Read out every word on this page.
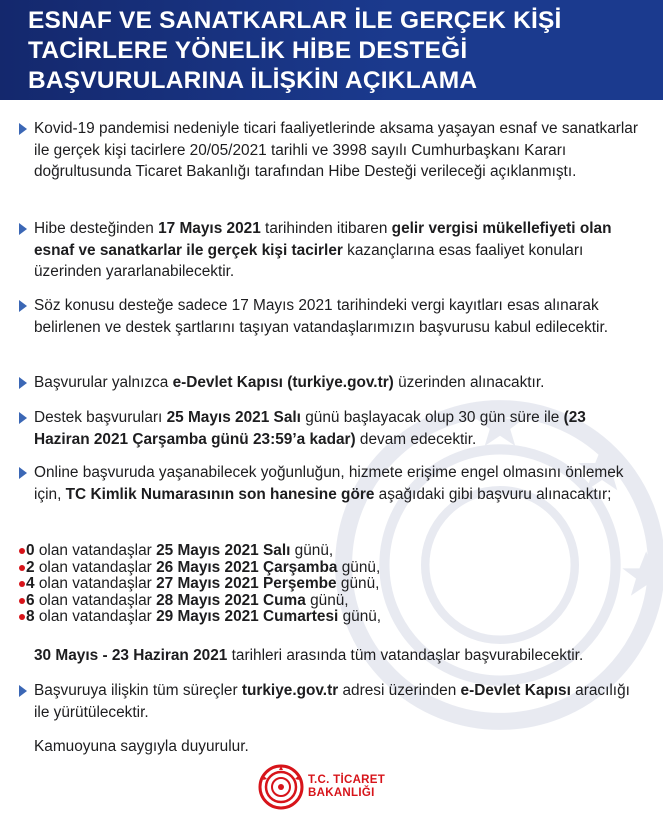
ESNAF VE SANATKARLAR İLE GERÇEK KİŞİ TACİRLERE YÖNELİK HİBE DESTEĞİ BAŞVURULARINA İLİŞKİN AÇIKLAMA
Kovid-19 pandemisi nedeniyle ticari faaliyetlerinde aksama yaşayan esnaf ve sanatkarlar ile gerçek kişi tacirlere 20/05/2021 tarihli ve 3998 sayılı Cumhurbaşkanı Kararı doğrultusunda Ticaret Bakanlığı tarafından Hibe Desteği verileceği açıklanmıştı.
Hibe desteğinden 17 Mayıs 2021 tarihinden itibaren gelir vergisi mükellefiyeti olan esnaf ve sanatkarlar ile gerçek kişi tacirler kazançlarına esas faaliyet konuları üzerinden yararlanabilecektir.
Söz konusu desteğe sadece 17 Mayıs 2021 tarihindeki vergi kayıtları esas alınarak belirlenen ve destek şartlarını taşıyan vatandaşlarımızın başvurusu kabul edilecektir.
Başvurular yalnızca e-Devlet Kapısı (turkiye.gov.tr) üzerinden alınacaktır.
Destek başvuruları 25 Mayıs 2021 Salı günü başlayacak olup 30 gün süre ile (23 Haziran 2021 Çarşamba günü 23:59’a kadar) devam edecektir.
Online başvuruda yaşanabilecek yoğunluğun, hizmete erişime engel olmasını önlemek için, TC Kimlik Numarasının son hanesine göre aşağıdaki gibi başvuru alınacaktır;
0 olan vatandaşlar 25 Mayıs 2021 Salı günü,
2 olan vatandaşlar 26 Mayıs 2021 Çarşamba günü,
4 olan vatandaşlar 27 Mayıs 2021 Perşembe günü,
6 olan vatandaşlar 28 Mayıs 2021 Cuma günü,
8 olan vatandaşlar 29 Mayıs 2021 Cumartesi günü,
30 Mayıs - 23 Haziran 2021 tarihleri arasında tüm vatandaşlar başvurabilecektir.
Başvuruya ilişkin tüm süreçler turkiye.gov.tr adresi üzerinden e-Devlet Kapısı aracılığı ile yürütülecektir.
Kamuoyuna saygıyla duyurulur.
T.C. TİCARET
BAKANLIĞI
